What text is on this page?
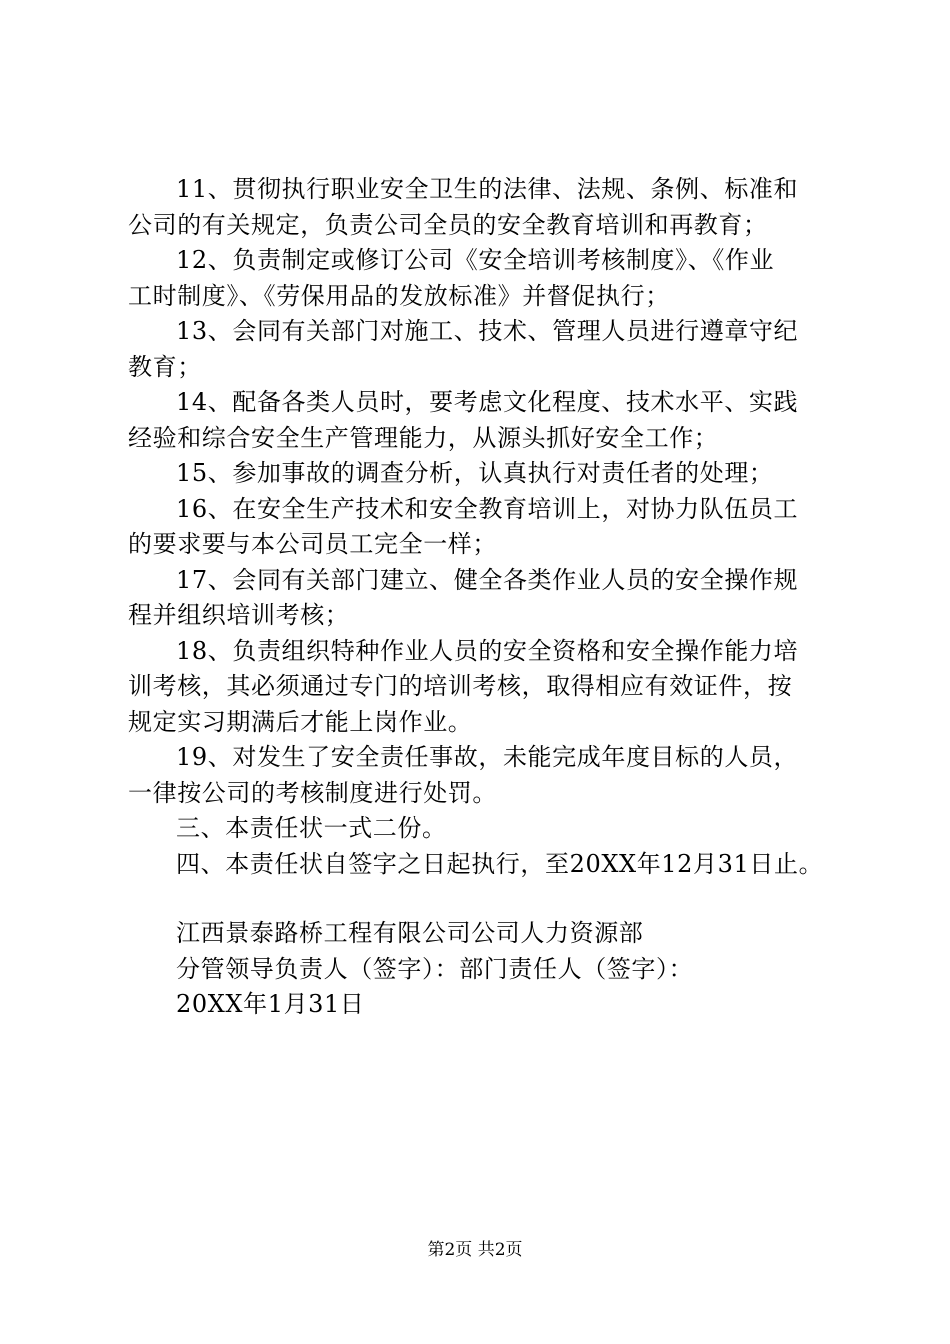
11、贯彻执行职业安全卫生的法律、法规、条例、标准和
公司的有关规定，负责公司全员的安全教育培训和再教育；
12、负责制定或修订公司《安全培训考核制度》、《作业
工时制度》、《劳保用品的发放标准》并督促执行；
13、会同有关部门对施工、技术、管理人员进行遵章守纪
教育；
14、配备各类人员时，要考虑文化程度、技术水平、实践
经验和综合安全生产管理能力，从源头抓好安全工作；
15、参加事故的调查分析，认真执行对责任者的处理；
16、在安全生产技术和安全教育培训上，对协力队伍员工
的要求要与本公司员工完全一样；
17、会同有关部门建立、健全各类作业人员的安全操作规
程并组织培训考核；
18、负责组织特种作业人员的安全资格和安全操作能力培
训考核，其必须通过专门的培训考核，取得相应有效证件，按
规定实习期满后才能上岗作业。
19、对发生了安全责任事故，未能完成年度目标的人员，
一律按公司的考核制度进行处罚。
三、本责任状一式二份。
四、本责任状自签字之日起执行，至20XX年12月31日止。
江西景泰路桥工程有限公司公司人力资源部
分管领导负责人（签字）：部门责任人（签字）：
20XX年1月31日
第2页 共2页
